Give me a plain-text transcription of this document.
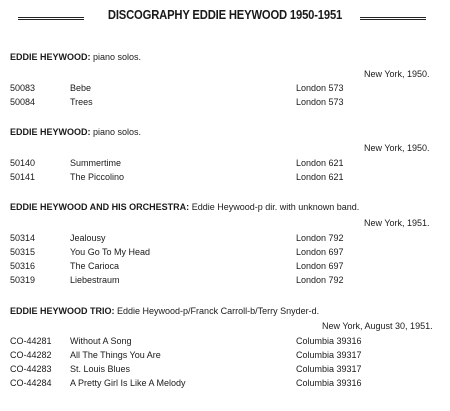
DISCOGRAPHY EDDIE HEYWOOD 1950-1951
EDDIE HEYWOOD: piano solos.
New York, 1950.
50083	Bebe	London 573
50084	Trees	London 573
EDDIE HEYWOOD: piano solos.
New York, 1950.
50140	Summertime	London 621
50141	The Piccolino	London 621
EDDIE HEYWOOD AND HIS ORCHESTRA: Eddie Heywood-p dir. with unknown band.
New York, 1951.
50314	Jealousy	London 792
50315	You Go To My Head	London 697
50316	The Carioca	London 697
50319	Liebestraum	London 792
EDDIE HEYWOOD TRIO: Eddie Heywood-p/Franck Carroll-b/Terry Snyder-d.
New York, August 30, 1951.
CO-44281 Without A Song	Columbia 39316
CO-44282 All The Things You Are	Columbia 39317
CO-44283 St. Louis Blues	Columbia 39317
CO-44284 A Pretty Girl Is Like A Melody	Columbia 39316
